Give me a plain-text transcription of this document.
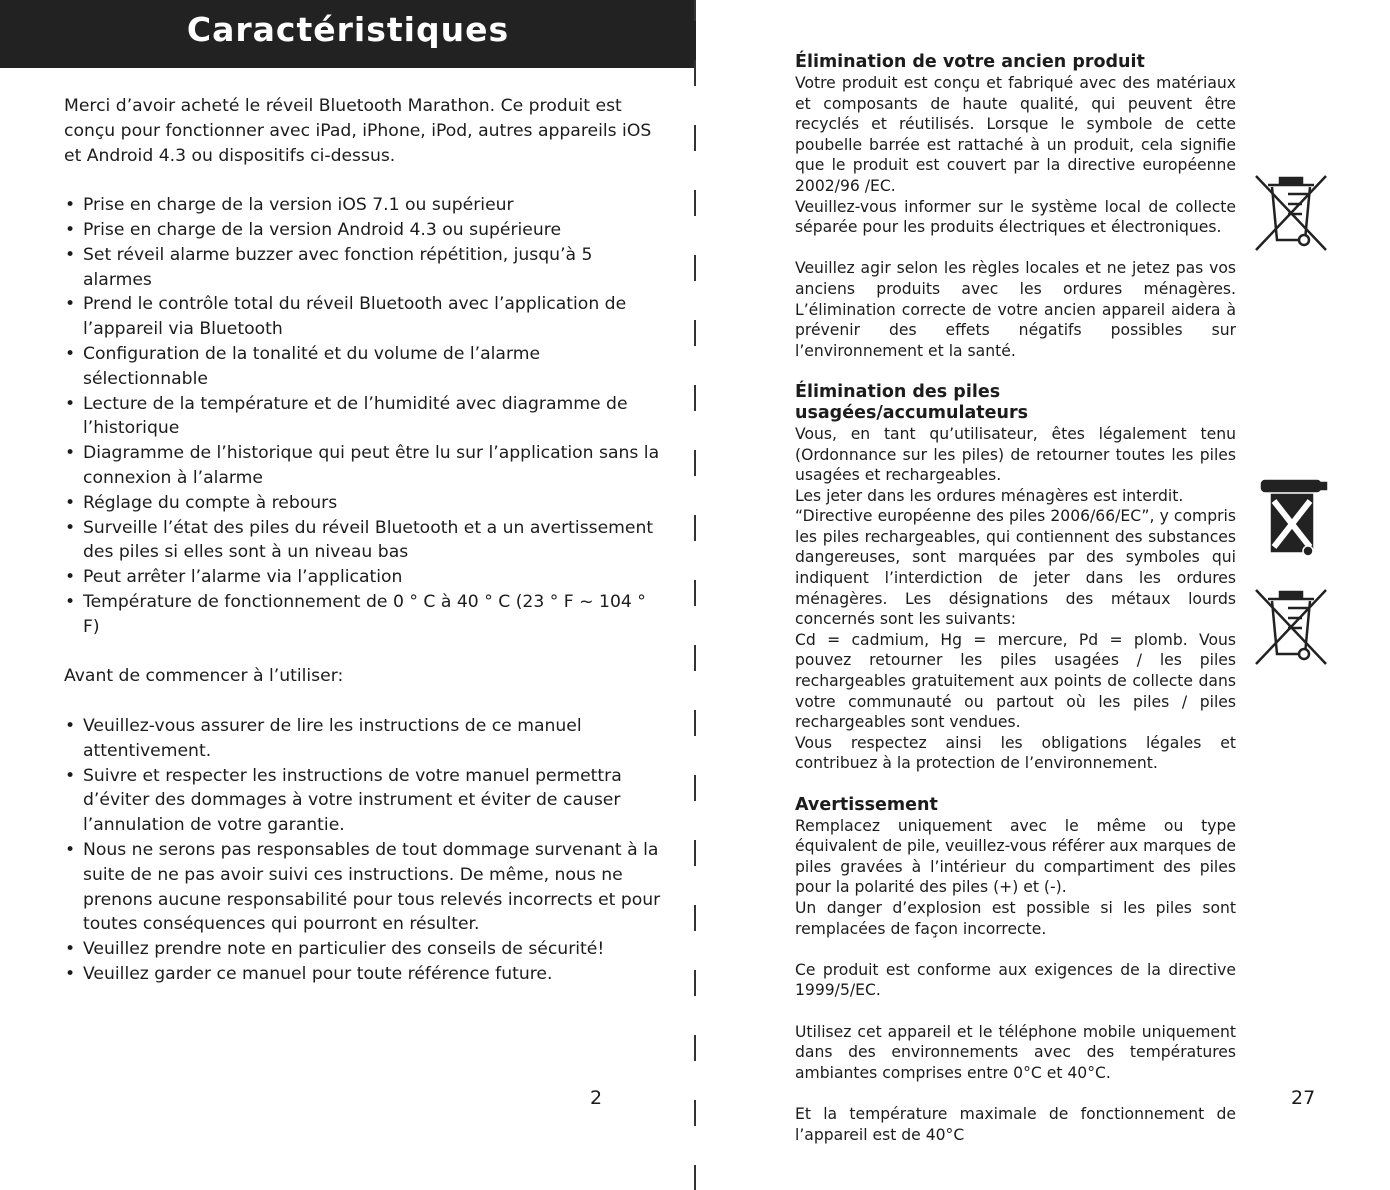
Caractéristiques

Merci d’avoir acheté le réveil Bluetooth Marathon. Ce produit est conçu pour fonctionner avec iPad, iPhone, iPod, autres appareils iOS et Android 4.3 ou dispositifs ci-dessus.

• Prise en charge de la version iOS 7.1 ou supérieur
• Prise en charge de la version Android 4.3 ou supérieure
• Set réveil alarme buzzer avec fonction répétition, jusqu’à 5 alarmes
• Prend le contrôle total du réveil Bluetooth avec l’application de l’appareil via Bluetooth
• Configuration de la tonalité et du volume de l’alarme sélectionnable
• Lecture de la température et de l’humidité avec diagramme de l’historique
• Diagramme de l’historique qui peut être lu sur l’application sans la connexion à l’alarme
• Réglage du compte à rebours
• Surveille l’état des piles du réveil Bluetooth et a un avertissement des piles si elles sont à un niveau bas
• Peut arrêter l’alarme via l’application
• Température de fonctionnement de 0 ° C à 40 ° C (23 ° F ~ 104 ° F)

Avant de commencer à l’utiliser:

• Veuillez-vous assurer de lire les instructions de ce manuel attentivement.
• Suivre et respecter les instructions de votre manuel permettra d’éviter des dommages à votre instrument et éviter de causer l’annulation de votre garantie.
• Nous ne serons pas responsables de tout dommage survenant à la suite de ne pas avoir suivi ces instructions. De même, nous ne prenons aucune responsabilité pour tous relevés incorrects et pour toutes conséquences qui pourront en résulter.
• Veuillez prendre note en particulier des conseils de sécurité!
• Veuillez garder ce manuel pour toute référence future.
2
Élimination de votre ancien produit

Votre produit est conçu et fabriqué avec des matériaux et composants de haute qualité, qui peuvent être recyclés et réutilisés. Lorsque le symbole de cette poubelle barrée est rattaché à un produit, cela signifie que le produit est couvert par la directive européenne 2002/96 /EC.

Veuillez-vous informer sur le système local de collecte séparée pour les produits électriques et électroniques.

Veuillez agir selon les règles locales et ne jetez pas vos anciens produits avec les ordures ménagères. L’élimination correcte de votre ancien appareil aidera à prévenir des effets négatifs possibles sur l’environnement et la santé.

Élimination des piles usagées/accumulateurs

Vous, en tant qu’utilisateur, êtes légalement tenu (Ordonnance sur les piles) de retourner toutes les piles usagées et rechargeables.

Les jeter dans les ordures ménagères est interdit.

“Directive européenne des piles 2006/66/EC”, y compris les piles rechargeables, qui contiennent des substances dangereuses, sont marquées par des symboles qui indiquent l’interdiction de jeter dans les ordures ménagères. Les désignations des métaux lourds concernés sont les suivants:

Cd = cadmium, Hg = mercure, Pd = plomb. Vous pouvez retourner les piles usagées / les piles rechargeables gratuitement aux points de collecte dans votre communauté ou partout où les piles / piles rechargeables sont vendues.

Vous respectez ainsi les obligations légales et contribuez à la protection de l’environnement.

Avertissement

Remplacez uniquement avec le même ou type équivalent de pile, veuillez-vous référer aux marques de piles gravées à l’intérieur du compartiment des piles pour la polarité des piles (+) et (-).

Un danger d’explosion est possible si les piles sont remplacées de façon incorrecte.

Ce produit est conforme aux exigences de la directive 1999/5/EC.

Utilisez cet appareil et le téléphone mobile uniquement dans des environnements avec des températures ambiantes comprises entre 0°C et 40°C.

Et la température maximale de fonctionnement de l’appareil est de 40°C

27
